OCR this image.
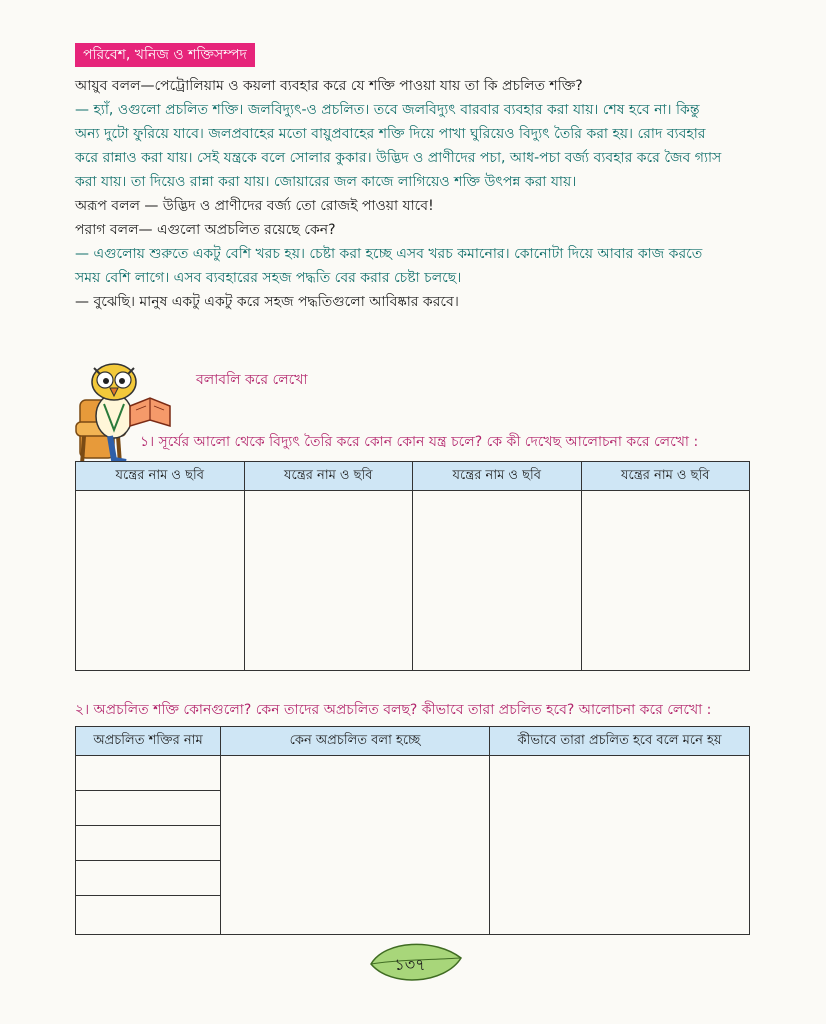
পরিবেশ, খনিজ ও শক্তিসম্পদ

আয়ুব বলল—পেট্রোলিয়াম ও কয়লা ব্যবহার করে যে শক্তি পাওয়া যায় তা কি প্রচলিত শক্তি?

— হ্যাঁ, ওগুলো প্রচলিত শক্তি। জলবিদ্যুৎ-ও প্রচলিত। তবে জলবিদ্যুৎ বারবার ব্যবহার করা যায়। শেষ হবে না। কিন্তু

অন্য দুটো ফুরিয়ে যাবে। জলপ্রবাহের মতো বায়ুপ্রবাহের শক্তি দিয়ে পাখা ঘুরিয়েও বিদ্যুৎ তৈরি করা হয়। রোদ ব্যবহার

করে রান্নাও করা যায়। সেই যন্ত্রকে বলে সোলার কুকার। উদ্ভিদ ও প্রাণীদের পচা, আধ-পচা বর্জ্য ব্যবহার করে জৈব গ্যাস

করা যায়। তা দিয়েও রান্না করা যায়। জোয়ারের জল কাজে লাগিয়েও শক্তি উৎপন্ন করা যায়।

অরূপ বলল — উদ্ভিদ ও প্রাণীদের বর্জ্য তো রোজই পাওয়া যাবে!

পরাগ বলল— এগুলো অপ্রচলিত রয়েছে কেন?

— এগুলোয় শুরুতে একটু বেশি খরচ হয়। চেষ্টা করা হচ্ছে এসব খরচ কমানোর। কোনোটা দিয়ে আবার কাজ করতে

সময় বেশি লাগে। এসব ব্যবহারের সহজ পদ্ধতি বের করার চেষ্টা চলছে।

— বুঝেছি। মানুষ একটু একটু করে সহজ পদ্ধতিগুলো আবিষ্কার করবে।

বলাবলি করে লেখো
১। সূর্যের আলো থেকে বিদ্যুৎ তৈরি করে কোন কোন যন্ত্র চলে? কে কী দেখেছ আলোচনা করে লেখো :
যন্ত্রের নাম ও ছবি	যন্ত্রের নাম ও ছবি	যন্ত্রের নাম ও ছবি	যন্ত্রের নাম ও ছবি

২। অপ্রচলিত শক্তি কোনগুলো? কেন তাদের অপ্রচলিত বলছ? কীভাবে তারা প্রচলিত হবে? আলোচনা করে লেখো :
অপ্রচলিত শক্তির নাম	কেন অপ্রচলিত বলা হচ্ছে	কীভাবে তারা প্রচলিত হবে বলে মনে হয়

১৩৭
